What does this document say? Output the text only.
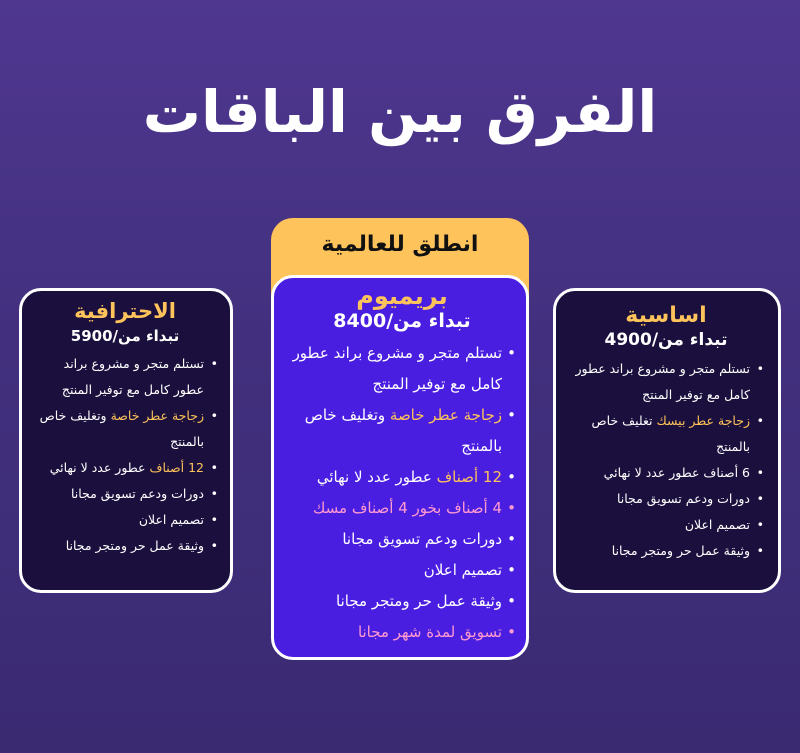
الفرق بين الباقات
الاحترافية
تبداء من/5900
• تستلم متجر و مشروع براند عطور كامل مع توفير المنتج
• زجاجة عطر خاصة وتغليف خاص بالمنتج
• 12 أصناف عطور عدد لا نهائي
• دورات ودعم تسويق مجانا
• تصميم اعلان
• وثيقة عمل حر ومتجر مجانا
انطلق للعالمية
بريميوم
تبداء من/8400
• تستلم متجر و مشروع براند عطور كامل مع توفير المنتج
• زجاجة عطر خاصة وتغليف خاص بالمنتج
• 12 أصناف عطور عدد لا نهائي
• 4 أصناف بخور 4 أصناف مسك
• دورات ودعم تسويق مجانا
• تصميم اعلان
• وثيقة عمل حر ومتجر مجانا
• تسويق لمدة شهر مجانا
اساسية
تبداء من/4900
• تستلم متجر و مشروع براند عطور كامل مع توفير المنتج
• زجاجة عطر بيسك تغليف خاص بالمنتج
• 6 أصناف عطور عدد لا نهائي
• دورات ودعم تسويق مجانا
• تصميم اعلان
• وثيقة عمل حر ومتجر مجانا
